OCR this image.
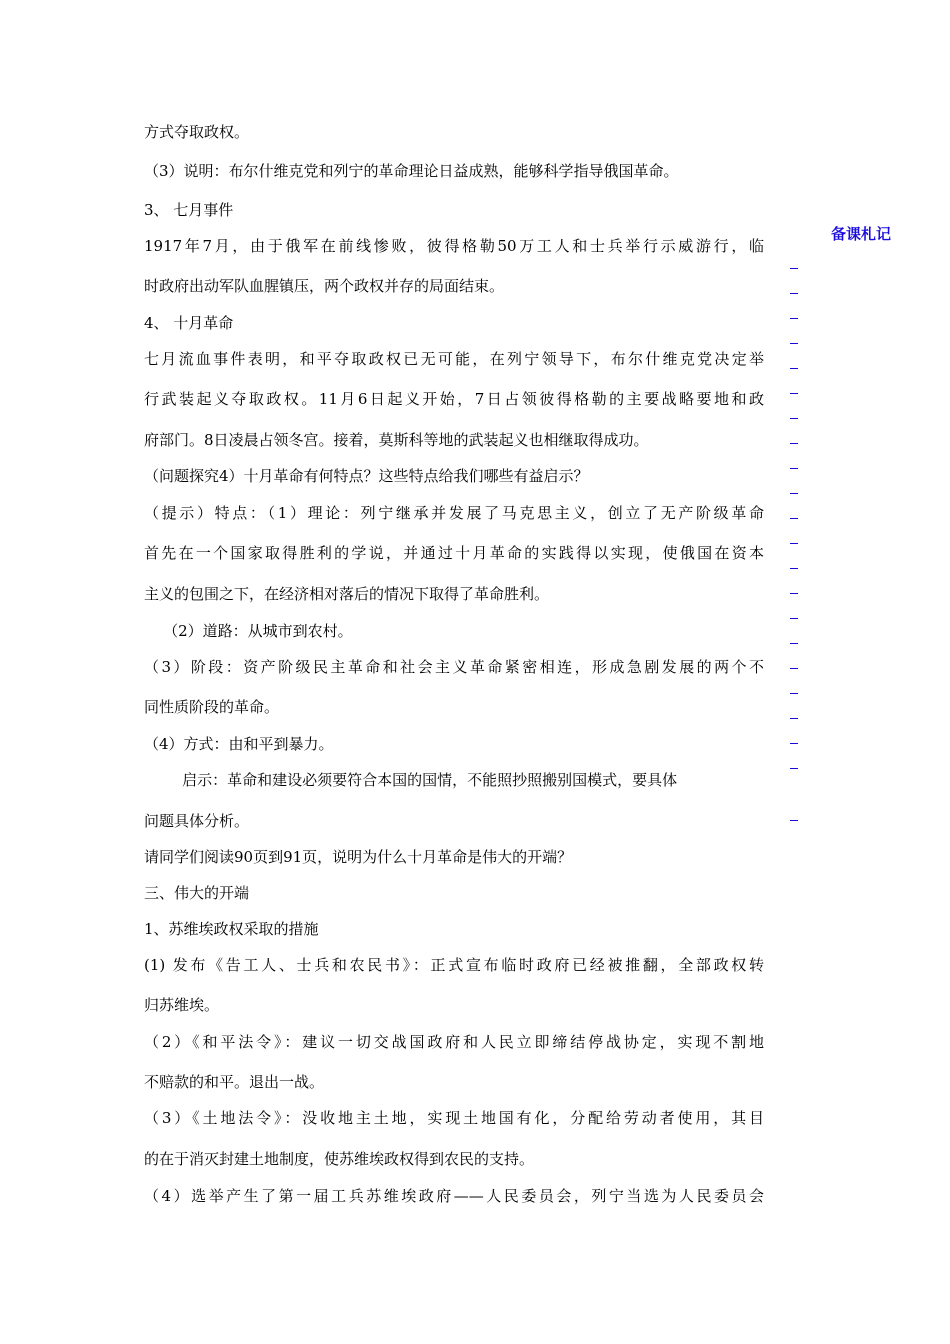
方式夺取政权。
（3）说明：布尔什维克党和列宁的革命理论日益成熟，能够科学指导俄国革命。
3、 七月事件
1917年7月，由于俄军在前线惨败，彼得格勒50万工人和士兵举行示威游行，临
时政府出动军队血腥镇压，两个政权并存的局面结束。
4、 十月革命
七月流血事件表明，和平夺取政权已无可能，在列宁领导下，布尔什维克党决定举
行武装起义夺取政权。11月6日起义开始，7日占领彼得格勒的主要战略要地和政
府部门。8日凌晨占领冬宫。接着，莫斯科等地的武装起义也相继取得成功。
（问题探究4）十月革命有何特点？这些特点给我们哪些有益启示？
（提示）特点：（1）理论：列宁继承并发展了马克思主义，创立了无产阶级革命
首先在一个国家取得胜利的学说，并通过十月革命的实践得以实现，使俄国在资本
主义的包围之下，在经济相对落后的情况下取得了革命胜利。
（2）道路：从城市到农村。
（3）阶段：资产阶级民主革命和社会主义革命紧密相连，形成急剧发展的两个不
同性质阶段的革命。
（4）方式：由和平到暴力。
启示：革命和建设必须要符合本国的国情，不能照抄照搬别国模式，要具体
问题具体分析。
请同学们阅读90页到91页，说明为什么十月革命是伟大的开端？
三、伟大的开端
1、苏维埃政权采取的措施
(1) 发布《告工人、士兵和农民书》：正式宣布临时政府已经被推翻，全部政权转
归苏维埃。
（2）《和平法令》：建议一切交战国政府和人民立即缔结停战协定，实现不割地
不赔款的和平。退出一战。
（3）《土地法令》：没收地主土地，实现土地国有化，分配给劳动者使用，其目
的在于消灭封建土地制度，使苏维埃政权得到农民的支持。
（4）选举产生了第一届工兵苏维埃政府——人民委员会，列宁当选为人民委员会
备课札记
